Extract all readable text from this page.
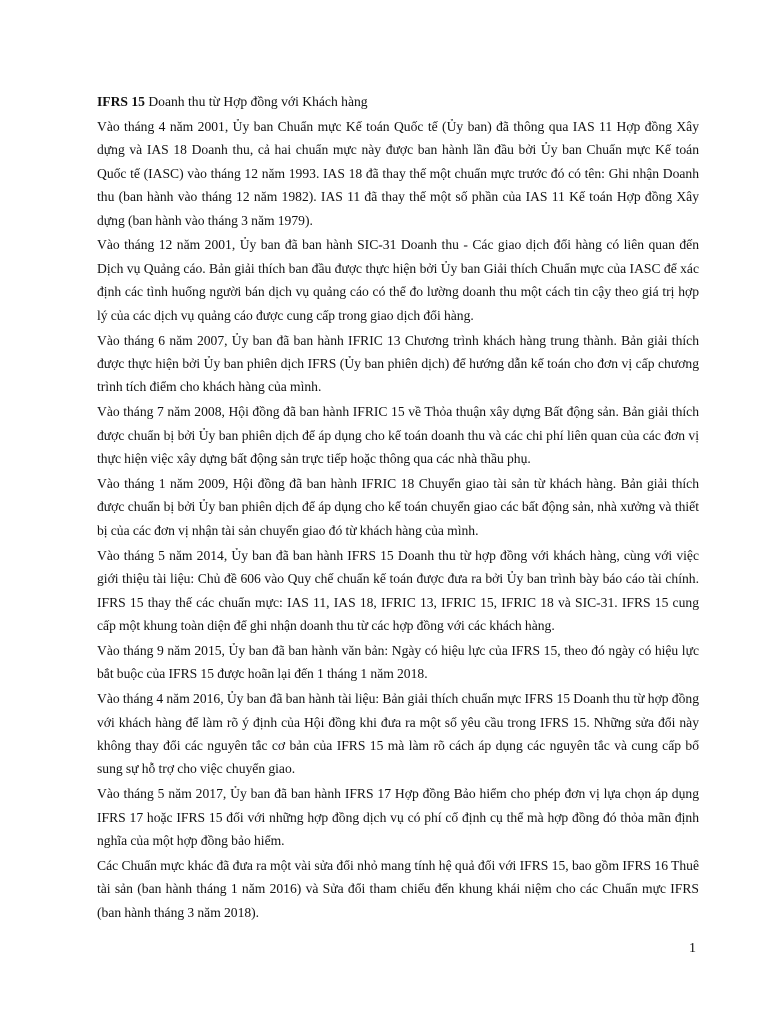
IFRS 15 Doanh thu từ Hợp đồng với Khách hàng

Vào tháng 4 năm 2001, Ủy ban Chuẩn mực Kế toán Quốc tế (Ủy ban) đã thông qua IAS 11 Hợp đồng Xây dựng và IAS 18 Doanh thu, cả hai chuẩn mực này được ban hành lần đầu bởi Ủy ban Chuẩn mực Kế toán Quốc tế (IASC) vào tháng 12 năm 1993. IAS 18 đã thay thế một chuẩn mực trước đó có tên: Ghi nhận Doanh thu (ban hành vào tháng 12 năm 1982). IAS 11 đã thay thế một số phần của IAS 11 Kế toán Hợp đồng Xây dựng (ban hành vào tháng 3 năm 1979).

Vào tháng 12 năm 2001, Ủy ban đã ban hành SIC-31 Doanh thu - Các giao dịch đổi hàng có liên quan đến Dịch vụ Quảng cáo. Bản giải thích ban đầu được thực hiện bởi Ủy ban Giải thích Chuẩn mực của IASC để xác định các tình huống người bán dịch vụ quảng cáo có thể đo lường doanh thu một cách tin cậy theo giá trị hợp lý của các dịch vụ quảng cáo được cung cấp trong giao dịch đổi hàng.

Vào tháng 6 năm 2007, Ủy ban đã ban hành IFRIC 13 Chương trình khách hàng trung thành. Bản giải thích được thực hiện bởi Ủy ban phiên dịch IFRS (Ủy ban phiên dịch) để hướng dẫn kế toán cho đơn vị cấp chương trình tích điểm cho khách hàng của mình.

Vào tháng 7 năm 2008, Hội đồng đã ban hành IFRIC 15 về Thỏa thuận xây dựng Bất động sản. Bản giải thích được chuẩn bị bởi Ủy ban phiên dịch để áp dụng cho kế toán doanh thu và các chi phí liên quan của các đơn vị thực hiện việc xây dựng bất động sản trực tiếp hoặc thông qua các nhà thầu phụ.

Vào tháng 1 năm 2009, Hội đồng đã ban hành IFRIC 18 Chuyển giao tài sản từ khách hàng. Bản giải thích được chuẩn bị bởi Ủy ban phiên dịch để áp dụng cho kế toán chuyển giao các bất động sản, nhà xưởng và thiết bị của các đơn vị nhận tài sản chuyển giao đó từ khách hàng của mình.

Vào tháng 5 năm 2014, Ủy ban đã ban hành IFRS 15 Doanh thu từ hợp đồng với khách hàng, cùng với việc giới thiệu tài liệu: Chủ đề 606 vào Quy chế chuẩn kế toán được đưa ra bởi Ủy ban trình bày báo cáo tài chính. IFRS 15 thay thế các chuẩn mực: IAS 11, IAS 18, IFRIC 13, IFRIC 15, IFRIC 18 và SIC-31. IFRS 15 cung cấp một khung toàn diện để ghi nhận doanh thu từ các hợp đồng với các khách hàng.

Vào tháng 9 năm 2015, Ủy ban đã ban hành văn bản: Ngày có hiệu lực của IFRS 15, theo đó ngày có hiệu lực bắt buộc của IFRS 15 được hoãn lại đến 1 tháng 1 năm 2018.

Vào tháng 4 năm 2016, Ủy ban đã ban hành tài liệu: Bản giải thích chuẩn mực IFRS 15 Doanh thu từ hợp đồng với khách hàng để làm rõ ý định của Hội đồng khi đưa ra một số yêu cầu trong IFRS 15. Những sửa đổi này không thay đổi các nguyên tắc cơ bản của IFRS 15 mà làm rõ cách áp dụng các nguyên tắc và cung cấp bổ sung sự hỗ trợ cho việc chuyển giao.

Vào tháng 5 năm 2017, Ủy ban đã ban hành IFRS 17 Hợp đồng Bảo hiểm cho phép đơn vị lựa chọn áp dụng IFRS 17 hoặc IFRS 15 đối với những hợp đồng dịch vụ có phí cố định cụ thể mà hợp đồng đó thỏa mãn định nghĩa của một hợp đồng bảo hiểm.

Các Chuẩn mực khác đã đưa ra một vài sửa đổi nhỏ mang tính hệ quả đối với IFRS 15, bao gồm IFRS 16 Thuê tài sản (ban hành tháng 1 năm 2016) và Sửa đổi tham chiếu đến khung khái niệm cho các Chuẩn mực IFRS (ban hành tháng 3 năm 2018).

1
